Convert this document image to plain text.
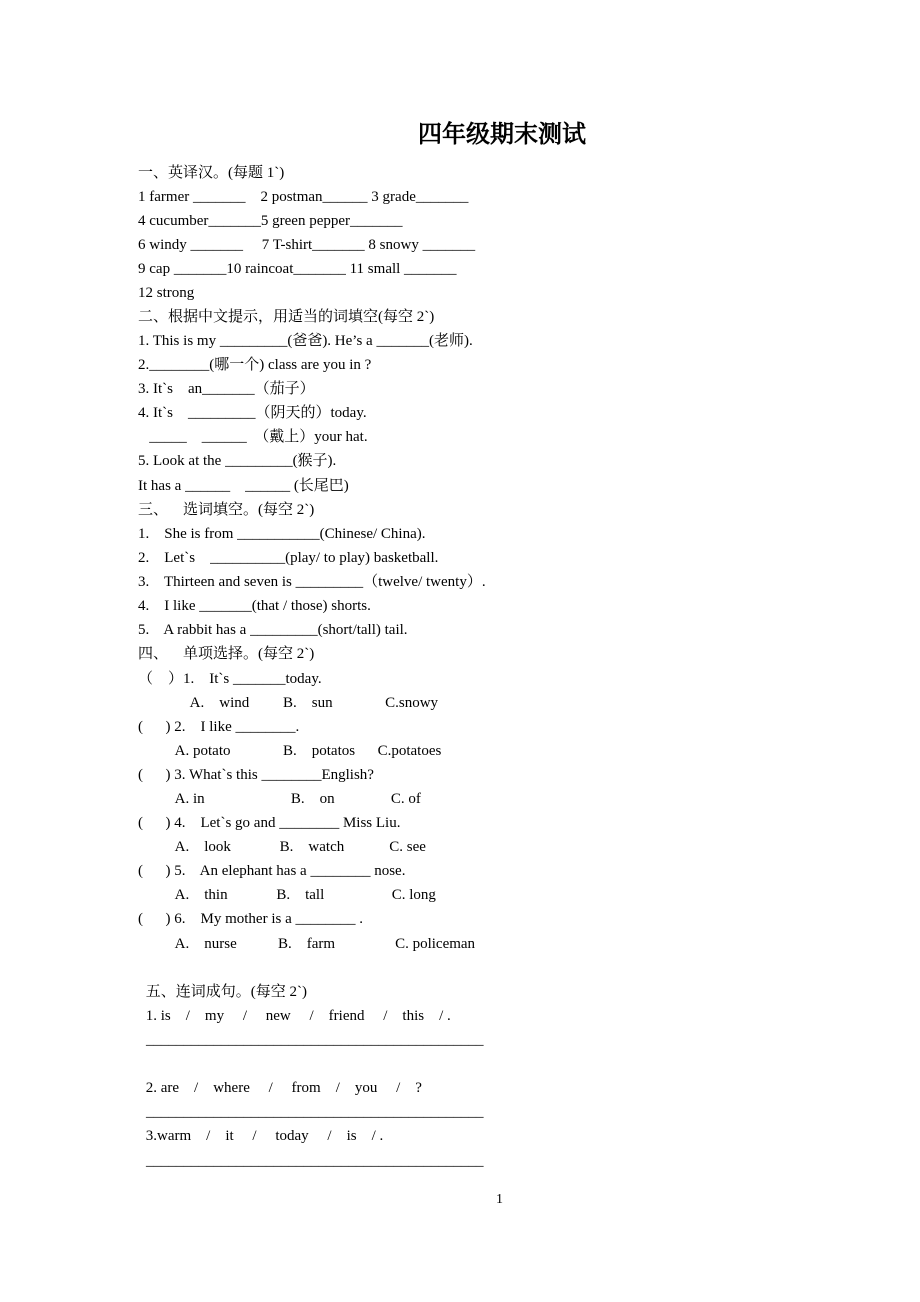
四年级期末测试
一、英译汉。(每题 1`)
1 farmer _______    2 postman______ 3 grade_______
4 cucumber_______5 green pepper_______
6 windy _______     7 T-shirt_______ 8 snowy _______
9 cap _______10 raincoat_______ 11 small _______
12 strong
二、根据中文提示，用适当的词填空(每空 2`)
1. This is my _________(爸爸). He’s a _______(老师).
2.________(哪一个) class are you in ?
3. It`s    an_______（茄子）
4. It`s    _________（阴天的）today.
_____    ______  （戴上）your hat.
5. Look at the _________(猴子).
It has a ______    ______ (长尾巴)
三、    选词填空。(每空 2`)
1.    She is from ___________(Chinese/ China).
2.    Let`s    __________(play/ to play) basketball.
3.    Thirteen and seven is _________（twelve/ twenty）.
4.    I like _______(that / those) shorts.
5.    A rabbit has a _________(short/tall) tail.
四、    单项选择。(每空 2`)
（    ）1.    It`s _______today.
A.    wind         B.    sun              C.snowy
(      ) 2.    I like ________.
A. potato              B.    potatos      C.potatoes
(      ) 3. What`s this ________English?
A. in                       B.    on               C. of
(      ) 4.    Let`s go and ________ Miss Liu.
A.    look             B.    watch            C. see
(      ) 5.    An elephant has a ________ nose.
A.    thin             B.    tall                  C. long
(      ) 6.    My mother is a ________ .
A.    nurse           B.    farm                C. policeman
五、连词成句。(每空 2`)
1. is    /    my     /     new     /    friend     /    this    / .
_____________________________________________
2. are    /    where     /     from    /    you     /    ?
_____________________________________________
3.warm    /    it     /     today     /    is    / .
_____________________________________________
1
